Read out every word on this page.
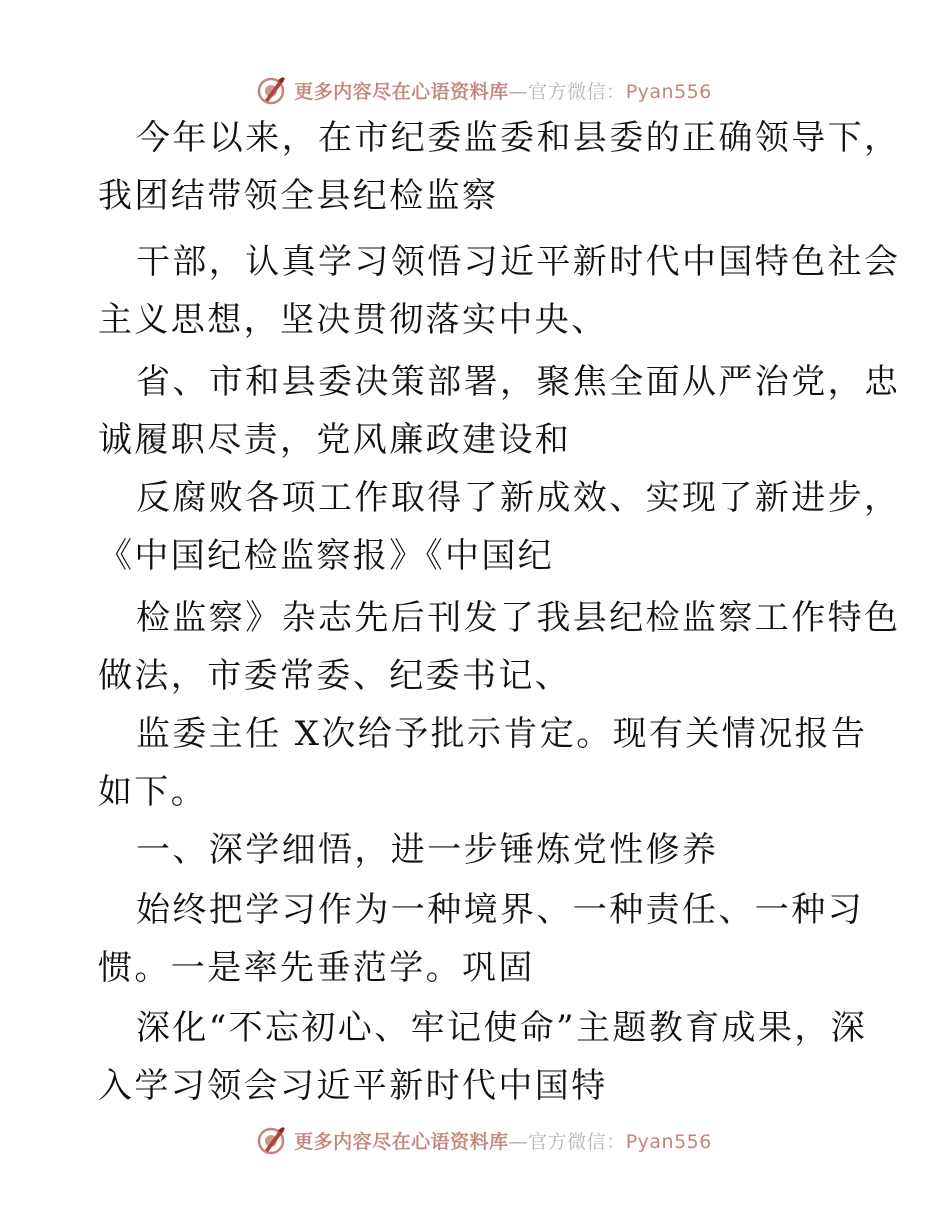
更多内容尽在心语资料库—官方微信：Pyan556
今年以来，在市纪委监委和县委的正确领导下，
我团结带领全县纪检监察
干部，认真学习领悟习近平新时代中国特色社会
主义思想，坚决贯彻落实中央、
省、市和县委决策部署，聚焦全面从严治党，忠
诚履职尽责，党风廉政建设和
反腐败各项工作取得了新成效、实现了新进步，
《中国纪检监察报》《中国纪
检监察》杂志先后刊发了我县纪检监察工作特色
做法，市委常委、纪委书记、
监委主任 X次给予批示肯定。现有关情况报告
如下。
一、深学细悟，进一步锤炼党性修养
始终把学习作为一种境界、一种责任、一种习
惯。一是率先垂范学。巩固
深化“不忘初心、牢记使命”主题教育成果，深
入学习领会习近平新时代中国特
更多内容尽在心语资料库—官方微信：Pyan556
